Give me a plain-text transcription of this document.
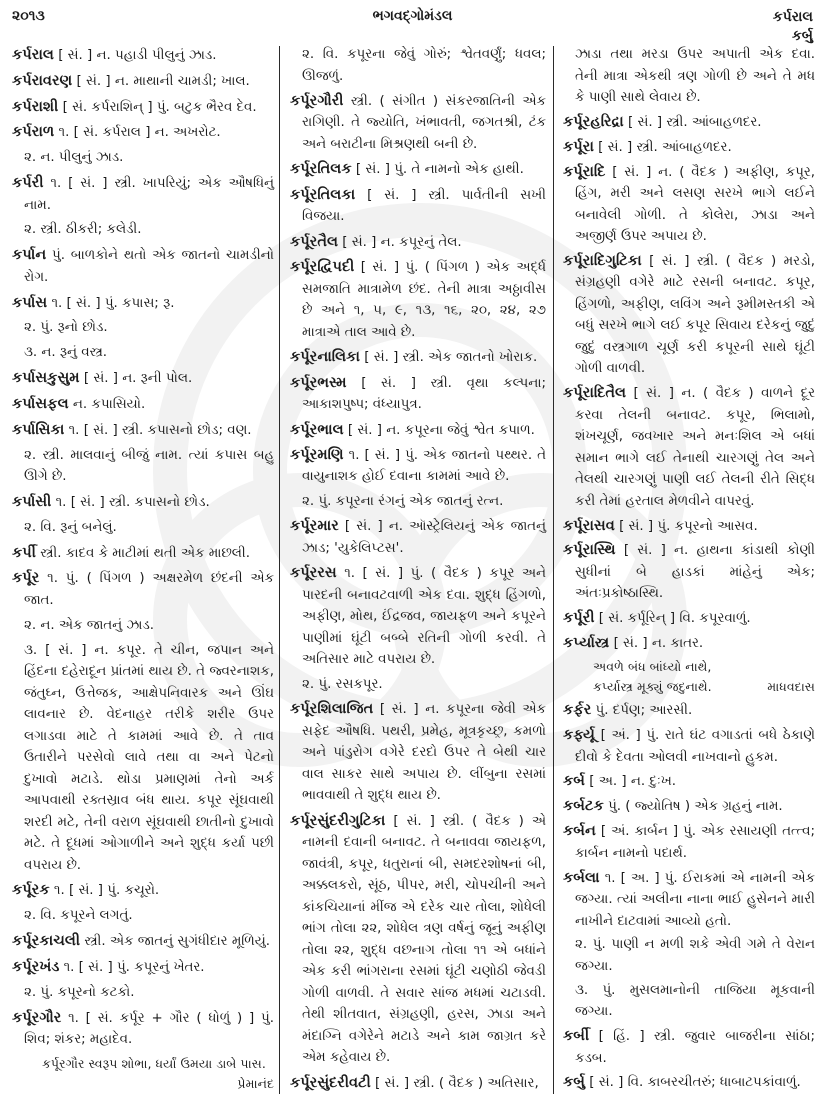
૨૦૧૩	ભગવદ્ગોમંડલ	કર્પરાલ
કર્બુ

કર્પરાલ [ સં. ] ન. પહાડી પીલુનું ઝાડ.

કર્પરાવરણ [ સં. ] ન. માથાની ચામડી; ખાલ.

કર્પરાશી [ સં. કર્પરાશિન્ ] પું. બટુક ભૈરવ દેવ.

કર્પરાળ ૧. [ સં. કર્પરાલ ] ન. અખરોટ.

૨. ન. પીલુનું ઝાડ.

કર્પરી ૧. [ સં. ] સ્ત્રી. ખાપરિયું; એક ઔષધિનું નામ.

૨. સ્ત્રી. ઠીકરી; કલેડી.

કર્પાન પું. બાળકોને થતો એક જાતનો ચામડીનો રોગ.

કર્પાસ ૧. [ સં. ] પું. કપાસ; રૂ.

૨. પું. રૂનો છોડ.

૩. ન. રૂનું વસ્ત્ર.

કર્પાસકુસુમ [ સં. ] ન. રૂની પોલ.

કર્પાસફલ ન. કપાસિયો.

કર્પાસિકા ૧. [ સં. ] સ્ત્રી. કપાસનો છોડ; વણ.

૨. સ્ત્રી. માલવાનું બીજું નામ. ત્યાં કપાસ બહુ ઊગે છે.

કર્પાસી ૧. [ સં. ] સ્ત્રી. કપાસનો છોડ.

૨. વિ. રૂનું બનેલું.

કર્પી સ્ત્રી. કાદવ કે માટીમાં થતી એક માછલી.

કર્પૂર ૧. પું. ( પિંગળ ) અક્ષરમેળ છંદની એક જાત.

૨. ન. એક જાતનું ઝાડ.

૩. [ સં. ] ન. કપૂર. તે ચીન, જપાન અને હિંદના દહેરાદૂન પ્રાંતમાં થાય છે. તે જ્વરનાશક, જંતુઘ્ન, ઉત્તેજક, આક્ષેપનિવારક અને ઊંઘ લાવનાર છે. વેદનાહર તરીકે શરીર ઉપર લગાડવા માટે તે કામમાં આવે છે. તે તાવ ઉતારીને પરસેવો લાવે તથા વા અને પેટનો દુખાવો મટાડે. થોડા પ્રમાણમાં તેનો અર્ક આપવાથી રક્તસ્રાવ બંધ થાય. કપૂર સૂંઘવાથી શરદી મટે, તેની વરાળ સૂંઘવાથી છાતીનો દુખાવો મટે. તે દૂધમાં ઓગાળીને અને શુદ્ધ કર્યા પછી વપરાય છે.

કર્પૂરક ૧. [ સં. ] પું. કચૂરો.

૨. વિ. કપૂરને લગતું.

કર્પૂરકાચલી સ્ત્રી. એક જાતનું સુગંધીદાર મૂળિયું.

કર્પૂરખંડ ૧. [ સં. ] પું. કપૂરનું ખેતર.

૨. પું. કપૂરનો કટકો.

કર્પૂરગૌર ૧. [ સં. કર્પૂર + ગૌર ( ધોળું ) ] પું. શિવ; શંકર; મહાદેવ.

કર્પૂરગૌર સ્વરૂપ શોભા, ધર્યાં ઉમયા ડાબે પાસ.
પ્રેમાનંદ

૨. વિ. કપૂરના જેવું ગોરું; શ્વેતવર્ણું; ધવલ; ઊજળું.

કર્પૂરગૌરી સ્ત્રી. ( સંગીત ) સંકરજાતિની એક રાગિણી. તે જ્યોતિ, ખંભાવતી, જગતશ્રી, ટંક અને બરાટીના મિશ્રણથી બની છે.

કર્પૂરતિલક [ સં. ] પું. તે નામનો એક હાથી.

કર્પૂરતિલકા [ સં. ] સ્ત્રી. પાર્વતીની સખી વિજયા.

કર્પૂરતૈલ [ સં. ] ન. કપૂરનું તેલ.

કર્પૂરદ્વિપદી [ સં. ] પું. ( પિંગળ ) એક અર્દ્ધ સમજાતિ માત્રામેળ છંદ. તેની માત્રા અઠ્ઠાવીસ છે અને ૧, ૫, ૯, ૧૩, ૧૬, ૨૦, ૨૪, ૨૭ માત્રાએ તાલ આવે છે.

કર્પૂરનાલિકા [ સં. ] સ્ત્રી. એક જાતનો ખોરાક.

કર્પૂરભસ્મ [ સં. ] સ્ત્રી. વૃથા કલ્પના; આકાશપુષ્પ; વંધ્યાપુત્ર.

કર્પૂરભાલ [ સં. ] ન. કપૂરના જેવું શ્વેત કપાળ.

કર્પૂરમણિ ૧. [ સં. ] પું. એક જાતનો પથ્થર. તે વાયુનાશક હોઈ દવાના કામમાં આવે છે.

૨. પું. કપૂરના રંગનું એક જાતનું રત્ન.

કર્પૂરમાર [ સં. ] ન. ઑસ્ટ્રેલિયનું એક જાતનું ઝાડ; 'યુકેલિપ્ટસ'.

કર્પૂરરસ ૧. [ સં. ] પું. ( વૈદક ) કપૂર અને પારદની બનાવટવાળી એક દવા. શુદ્ધ હિંગળો, અફીણ, મોથ, ઈંદ્રજવ, જાયફળ અને કપૂરને પાણીમાં ઘૂંટી બબ્બે રતિની ગોળી કરવી. તે અતિસાર માટે વપરાય છે.

૨. પું. રસકપૂર.

કર્પૂરશિલાજિત [ સં. ] ન. કપૂરના જેવી એક સફેદ ઔષધિ. પથરી, પ્રમેહ, મૂત્રકૃચ્છ્ર, કમળો અને પાંડુરોગ વગેરે દરદો ઉપર તે બેથી ચાર વાલ સાકર સાથે અપાય છે. લીંબુના રસમાં ભાવવાથી તે શુદ્ધ થાય છે.

કર્પૂરસુંદરીગુટિકા [ સં. ] સ્ત્રી. ( વૈદક ) એ નામની દવાની બનાવટ. તે બનાવવા જાયફળ, જાવંત્રી, કપૂર, ધતુરાનાં બી, સમદરશોષનાં બી, અક્કલકરો, સૂંઠ, પીપર, મરી, ચોપચીની અને કાંકચિયાનાં મીંજ એ દરેક ચાર તોલા, શોધેલી ભાંગ તોલા ૨૨, શોધેલ ત્રણ વર્ષનું જૂનું અફીણ તોલા ૨૨, શુદ્ધ વછનાગ તોલા ૧૧ એ બધાંને એક કરી ભાંગરાના રસમાં ઘૂંટી ચણોઠી જેવડી ગોળી વાળવી. તે સવાર સાંજ મધમાં ચટાડવી. તેથી શીતવાત, સંગ્રહણી, હરસ, ઝાડા અને મંદાગ્નિ વગેરેને મટાડે અને કામ જાગ્રત કરે એમ કહેવાય છે.

કર્પૂરસુંદરીવટી [ સં. ] સ્ત્રી. ( વૈદક ) અતિસાર,

ઝાડા તથા મરડા ઉપર અપાતી એક દવા. તેની માત્રા એકથી ત્રણ ગોળી છે અને તે મધ કે પાણી સાથે લેવાય છે.

કર્પૂરહરિદ્રા [ સં. ] સ્ત્રી. આંબાહળદર.

કર્પૂરા [ સં. ] સ્ત્રી. આંબાહળદર.

કર્પૂરાદિ [ સં. ] ન. ( વૈદક ) અફીણ, કપૂર, હિંગ, મરી અને લસણ સરખે ભાગે લઈને બનાવેલી ગોળી. તે કોલેરા, ઝાડા અને અજીર્ણ ઉપર અપાય છે.

કર્પૂરાદિગુટિકા [ સં. ] સ્ત્રી. ( વૈદક ) મરડો, સંગ્રહણી વગેરે માટે રસની બનાવટ. કપૂર, હિંગળો, અફીણ, લવિંગ અને રૂમીમસ્તકી એ બધું સરખે ભાગે લઈ કપૂર સિવાય દરેકનું જુદું જુદું વસ્ત્રગાળ ચૂર્ણ કરી કપૂરની સાથે ઘૂંટી ગોળી વાળવી.

કર્પૂરાદિતૈલ [ સં. ] ન. ( વૈદક ) વાળને દૂર કરવા તેલની બનાવટ. કપૂર, ભિલામો, શંખચૂર્ણ, જવખાર અને મનઃશિલ એ બધાં સમાન ભાગે લઈ તેનાથી ચારગણું તેલ અને તેલથી ચારગણું પાણી લઈ તેલની રીતે સિદ્ધ કરી તેમાં હરતાલ મેળવીને વાપરવું.

કર્પૂરાસવ [ સં. ] પું. કપૂરનો આસવ.

કર્પૂરાસ્થિ [ સં. ] ન. હાથના કાંડાથી કોણી સુધીનાં બે હાડકાં માંહેનું એક; અંતઃપ્રકોષ્ઠાસ્થિ.

કર્પૂરી [ સં. કર્પૂરિન્ ] વિ. કપૂરવાળું.

કર્પ્યાસ્ત્ર [ સં. ] ન. કાતર.

અવળે બંધ બાંધ્યો નાથે,
કર્પ્યાસ્ત્ર મૂક્યું જદુનાથે.	માધવદાસ

કર્ફર પું. દર્પણ; આરસી.

કર્ફ્યૂ [ અં. ] પું. રાતે ઘંટ વગાડતાં બધે ઠેકાણે દીવો કે દેવતા ઓલવી નાખવાનો હુકમ.

કર્બ [ અ. ] ન. દુઃખ.

કર્બટક પું. ( જ્યોતિષ ) એક ગ્રહનું નામ.

કર્બન [ અં. કાર્બન ] પું. એક રસાયણી તત્ત્વ; કાર્બન નામનો પદાર્થ.

કર્બલા ૧. [ અ. ] પું. ઈરાકમાં એ નામની એક જગ્યા. ત્યાં અલીના નાના ભાઈ હુસેનને મારી નાખીને દાટવામાં આવ્યો હતો.

૨. પું. પાણી ન મળી શકે એવી ગમે તે વેરાન જગ્યા.

૩. પું. મુસલમાનોની તાજિયા મૂકવાની જગ્યા.

કર્બી [ હિં. ] સ્ત્રી. જુવાર બાજરીના સાંઠા; કડબ.

કર્બુ [ સં. ] વિ. કાબરચીતરું; ધાબાટપકાંવાળું.
